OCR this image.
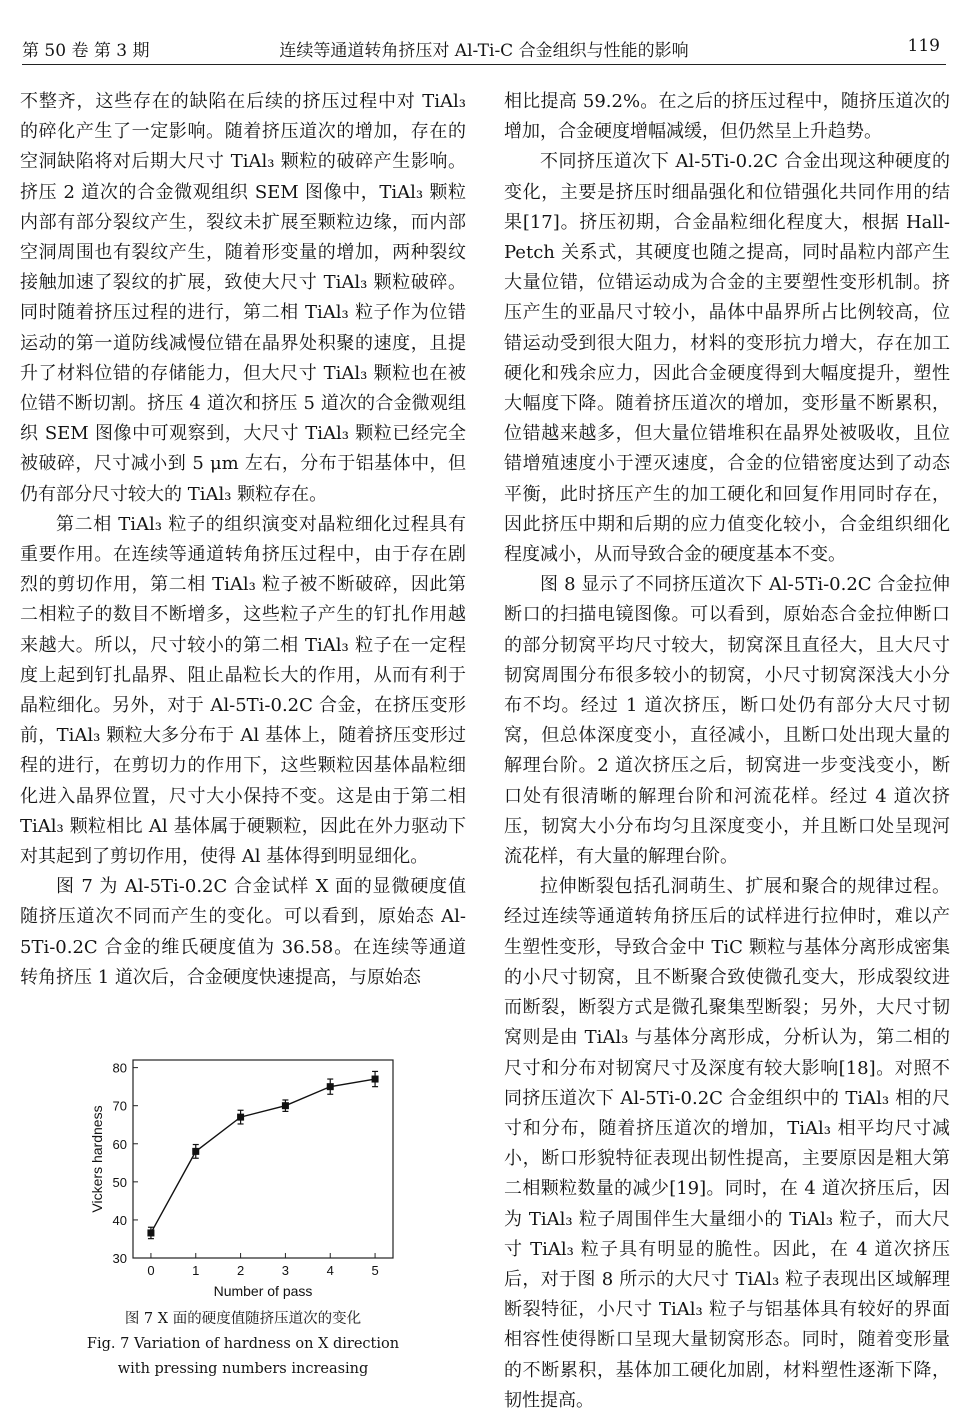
第 50 卷 第 3 期	连续等通道转角挤压对 Al-Ti-C 合金组织与性能的影响	119

不整齐，这些存在的缺陷在后续的挤压过程中对 TiAl₃ 的碎化产生了一定影响。随着挤压道次的增加，存在的空洞缺陷将对后期大尺寸 TiAl₃ 颗粒的破碎产生影响。挤压 2 道次的合金微观组织 SEM 图像中，TiAl₃ 颗粒内部有部分裂纹产生，裂纹未扩展至颗粒边缘，而内部空洞周围也有裂纹产生，随着形变量的增加，两种裂纹接触加速了裂纹的扩展，致使大尺寸 TiAl₃ 颗粒破碎。同时随着挤压过程的进行，第二相 TiAl₃ 粒子作为位错运动的第一道防线减慢位错在晶界处积聚的速度，且提升了材料位错的存储能力，但大尺寸 TiAl₃ 颗粒也在被位错不断切割。挤压 4 道次和挤压 5 道次的合金微观组织 SEM 图像中可观察到，大尺寸 TiAl₃ 颗粒已经完全被破碎，尺寸减小到 5 μm 左右，分布于铝基体中，但仍有部分尺寸较大的 TiAl₃ 颗粒存在。

第二相 TiAl₃ 粒子的组织演变对晶粒细化过程具有重要作用。在连续等通道转角挤压过程中，由于存在剧烈的剪切作用，第二相 TiAl₃ 粒子被不断破碎，因此第二相粒子的数目不断增多，这些粒子产生的钉扎作用越来越大。所以，尺寸较小的第二相 TiAl₃ 粒子在一定程度上起到钉扎晶界、阻止晶粒长大的作用，从而有利于晶粒细化。另外，对于 Al-5Ti-0.2C 合金，在挤压变形前，TiAl₃ 颗粒大多分布于 Al 基体上，随着挤压变形过程的进行，在剪切力的作用下，这些颗粒因基体晶粒细化进入晶界位置，尺寸大小保持不变。这是由于第二相 TiAl₃ 颗粒相比 Al 基体属于硬颗粒，因此在外力驱动下对其起到了剪切作用，使得 Al 基体得到明显细化。

图 7 为 Al-5Ti-0.2C 合金试样 X 面的显微硬度值随挤压道次不同而产生的变化。可以看到，原始态 Al-5Ti-0.2C 合金的维氏硬度值为 36.58。在连续等通道转角挤压 1 道次后，合金硬度快速提高，与原始态

相比提高 59.2%。在之后的挤压过程中，随挤压道次的增加，合金硬度增幅减缓，但仍然呈上升趋势。

不同挤压道次下 Al-5Ti-0.2C 合金出现这种硬度的变化，主要是挤压时细晶强化和位错强化共同作用的结果[17]。挤压初期，合金晶粒细化程度大，根据 Hall-Petch 关系式，其硬度也随之提高，同时晶粒内部产生大量位错，位错运动成为合金的主要塑性变形机制。挤压产生的亚晶尺寸较小，晶体中晶界所占比例较高，位错运动受到很大阻力，材料的变形抗力增大，存在加工硬化和残余应力，因此合金硬度得到大幅度提升，塑性大幅度下降。随着挤压道次的增加，变形量不断累积，位错越来越多，但大量位错堆积在晶界处被吸收，且位错增殖速度小于湮灭速度，合金的位错密度达到了动态平衡，此时挤压产生的加工硬化和回复作用同时存在，因此挤压中期和后期的应力值变化较小，合金组织细化程度减小，从而导致合金的硬度基本不变。

图 8 显示了不同挤压道次下 Al-5Ti-0.2C 合金拉伸断口的扫描电镜图像。可以看到，原始态合金拉伸断口的部分韧窝平均尺寸较大，韧窝深且直径大，且大尺寸韧窝周围分布很多较小的韧窝，小尺寸韧窝深浅大小分布不均。经过 1 道次挤压，断口处仍有部分大尺寸韧窝，但总体深度变小，直径减小，且断口处出现大量的解理台阶。2 道次挤压之后，韧窝进一步变浅变小，断口处有很清晰的解理台阶和河流花样。经过 4 道次挤压，韧窝大小分布均匀且深度变小，并且断口处呈现河流花样，有大量的解理台阶。

拉伸断裂包括孔洞萌生、扩展和聚合的规律过程。经过连续等通道转角挤压后的试样进行拉伸时，难以产生塑性变形，导致合金中 TiC 颗粒与基体分离形成密集的小尺寸韧窝，且不断聚合致使微孔变大，形成裂纹进而断裂，断裂方式是微孔聚集型断裂；另外，大尺寸韧窝则是由 TiAl₃ 与基体分离形成，分析认为，第二相的尺寸和分布对韧窝尺寸及深度有较大影响[18]。对照不同挤压道次下 Al-5Ti-0.2C 合金组织中的 TiAl₃ 相的尺寸和分布，随着挤压道次的增加，TiAl₃ 相平均尺寸减小，断口形貌特征表现出韧性提高，主要原因是粗大第二相颗粒数量的减少[19]。同时，在 4 道次挤压后，因为 TiAl₃ 粒子周围伴生大量细小的 TiAl₃ 粒子，而大尺寸 TiAl₃ 粒子具有明显的脆性。因此，在 4 道次挤压后，对于图 8 所示的大尺寸 TiAl₃ 粒子表现出区域解理断裂特征，小尺寸 TiAl₃ 粒子与铝基体具有较好的界面相容性使得断口呈现大量韧窝形态。同时，随着变形量的不断累积，基体加工硬化加剧，材料塑性逐渐下降，韧性提高。

30
40
50
60
70
80
0	1	2	3	4	5
Number of pass
Vickers hardness
图 7 X 面的硬度值随挤压道次的变化
Fig. 7 Variation of hardness on X direction
with pressing numbers increasing
